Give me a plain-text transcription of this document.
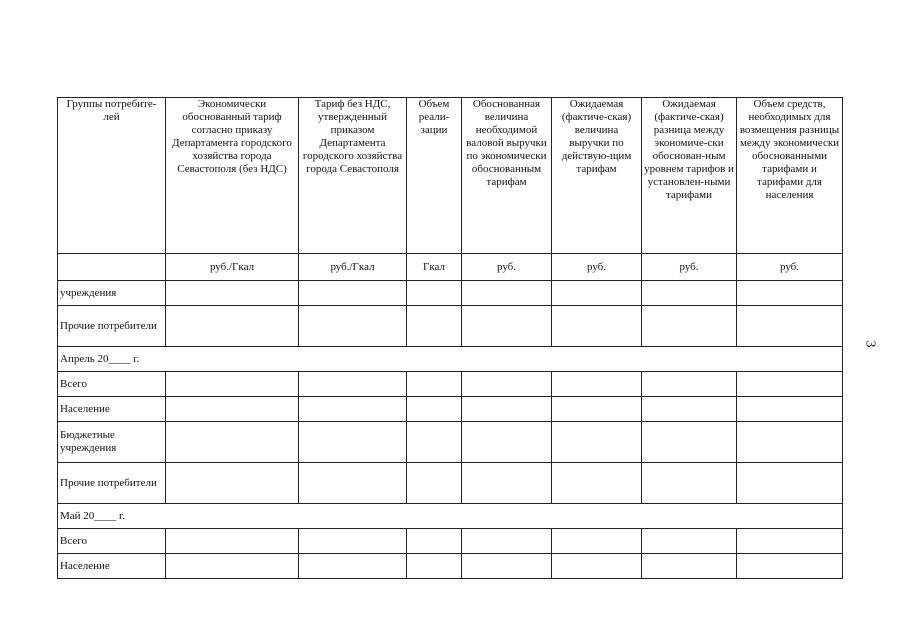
Группы потребите-лей	Экономически обоснованный тариф согласно приказу Департамента городского хозяйства города Севастополя (без НДС)	Тариф без НДС, утвержденный приказом Департамента городского хозяйства города Севастополя	Объем реали-зации	Обоснованная величина необходимой валовой выручки по экономически обоснованным тарифам	Ожидаемая (фактиче-ская) величина выручки по действую-щим тарифам	Ожидаемая (фактиче-ская) разница между экономиче-ски обоснован-ным уровнем тарифов и установлен-ными тарифами	Объем средств, необходимых для возмещения разницы между экономически обоснованными тарифами и тарифами для населения
	руб./Гкал	руб./Гкал	Гкал	руб.	руб.	руб.	руб.
учреждения							
Прочие потребители							
Апрель 20____ г.							
Всего							
Население							
Бюджетные учреждения							
Прочие потребители							
Май 20____ г.							
Всего							
Население							
3
